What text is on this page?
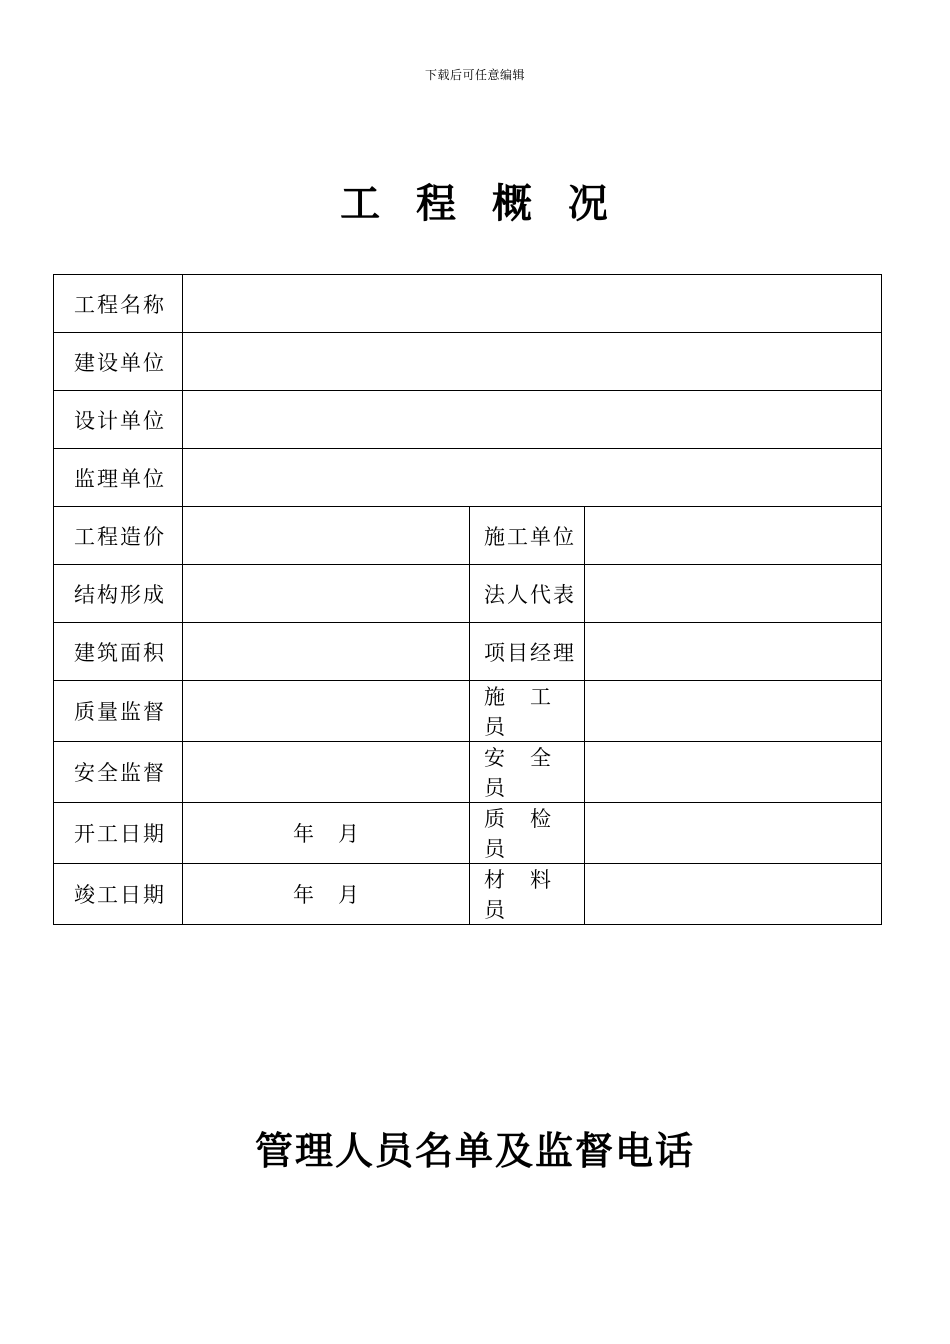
下载后可任意编辑
工 程 概 况
工程名称			
建设单位			
设计单位			
监理单位			
工程造价		施工单位	
结构形成		法人代表	
建筑面积		项目经理	
质量监督		施　工　员	
安全监督		安　全　员	
开工日期	年 月	质　检　员	
竣工日期	年 月	材　料　员	
管理人员名单及监督电话
